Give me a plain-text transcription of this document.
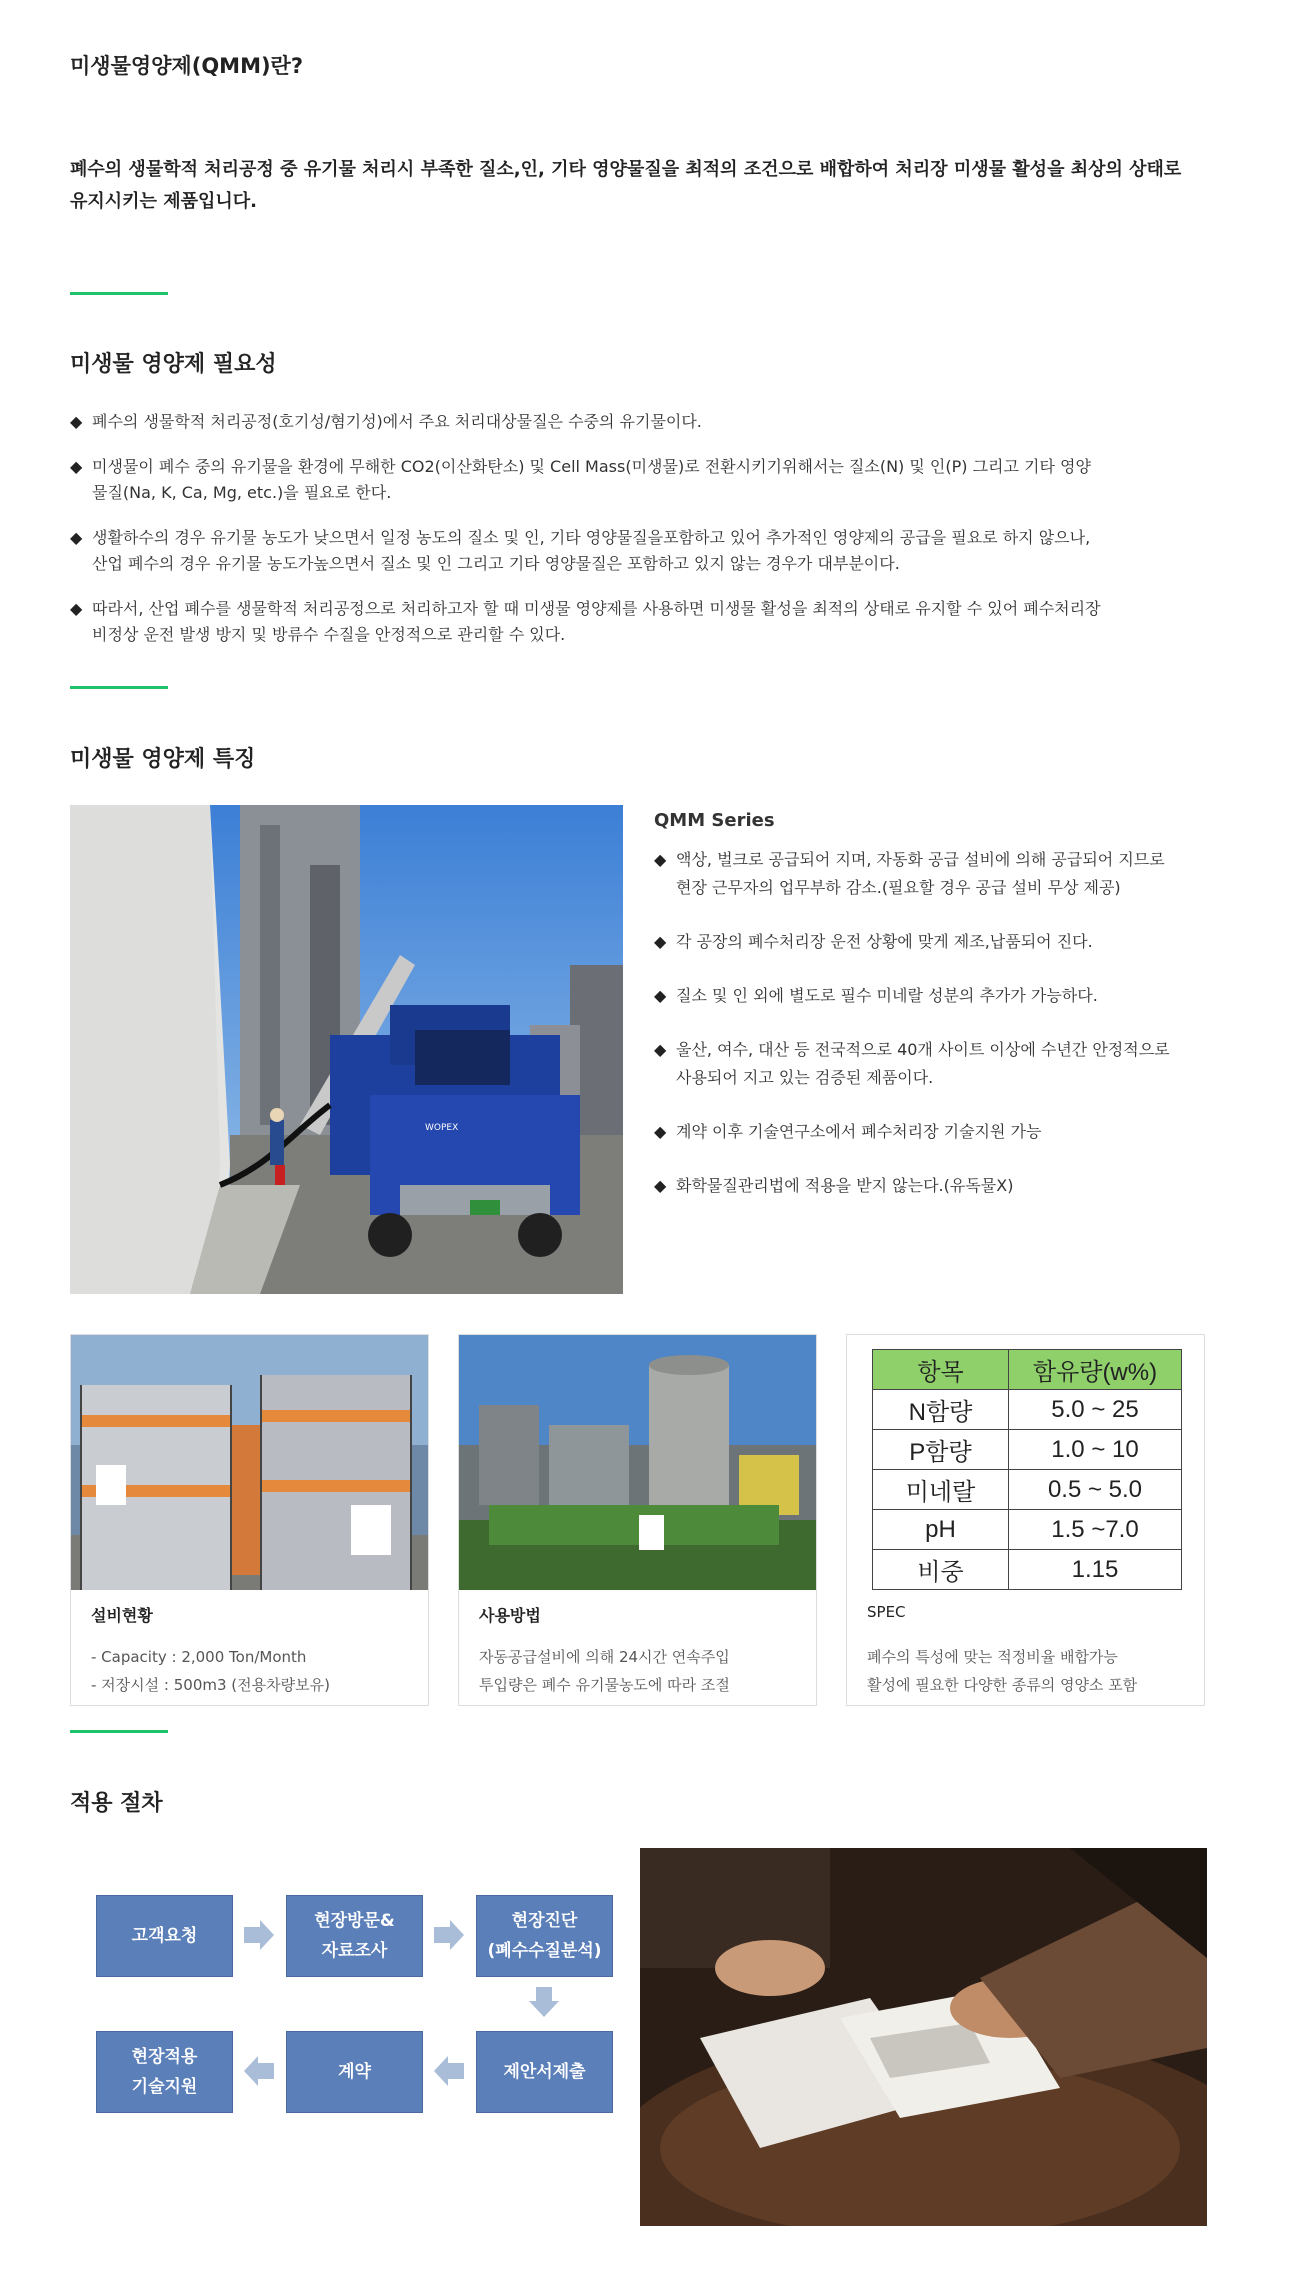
미생물영양제(QMM)란?
폐수의 생물학적 처리공정 중 유기물 처리시 부족한 질소,인, 기타 영양물질을 최적의 조건으로 배합하여 처리장 미생물 활성을 최상의 상태로
유지시키는 제품입니다.
미생물 영양제 필요성
◆ 폐수의 생물학적 처리공정(호기성/혐기성)에서 주요 처리대상물질은 수중의 유기물이다.
◆ 미생물이 폐수 중의 유기물을 환경에 무해한 CO2(이산화탄소) 및 Cell Mass(미생물)로 전환시키기위해서는 질소(N) 및 인(P) 그리고 기타 영양
물질(Na, K, Ca, Mg, etc.)을 필요로 한다.
◆ 생활하수의 경우 유기물 농도가 낮으면서 일정 농도의 질소 및 인, 기타 영양물질을포함하고 있어 추가적인 영양제의 공급을 필요로 하지 않으나,
산업 폐수의 경우 유기물 농도가높으면서 질소 및 인 그리고 기타 영양물질은 포함하고 있지 않는 경우가 대부분이다.
◆ 따라서, 산업 폐수를 생물학적 처리공정으로 처리하고자 할 때 미생물 영양제를 사용하면 미생물 활성을 최적의 상태로 유지할 수 있어 폐수처리장
비정상 운전 발생 방지 및 방류수 수질을 안정적으로 관리할 수 있다.
미생물 영양제 특징
WOPEX
QMM Series
◆ 액상, 벌크로 공급되어 지며, 자동화 공급 설비에 의해 공급되어 지므로
현장 근무자의 업무부하 감소.(필요할 경우 공급 설비 무상 제공)
◆ 각 공장의 폐수처리장 운전 상황에 맞게 제조,납품되어 진다.
◆ 질소 및 인 외에 별도로 필수 미네랄 성분의 추가가 가능하다.
◆ 울산, 여수, 대산 등 전국적으로 40개 사이트 이상에 수년간 안정적으로
사용되어 지고 있는 검증된 제품이다.
◆ 계약 이후 기술연구소에서 폐수처리장 기술지원 가능
◆ 화학물질관리법에 적용을 받지 않는다.(유독물X)
설비현황
- Capacity : 2,000 Ton/Month
- 저장시설 : 500m3 (전용차량보유)
사용방법
자동공급설비에 의해 24시간 연속주입
투입량은 폐수 유기물농도에 따라 조절
항목	함유량(w%)
N함량	5.0 ~ 25
P함량	1.0 ~ 10
미네랄	0.5 ~ 5.0
pH	1.5 ~7.0
비중	1.15
SPEC
폐수의 특성에 맞는 적정비율 배합가능
활성에 필요한 다양한 종류의 영양소 포함
적용 절차
고객요청
현장방문&
자료조사
현장진단
(폐수수질분석)
현장적용
기술지원
계약	제안서제출
